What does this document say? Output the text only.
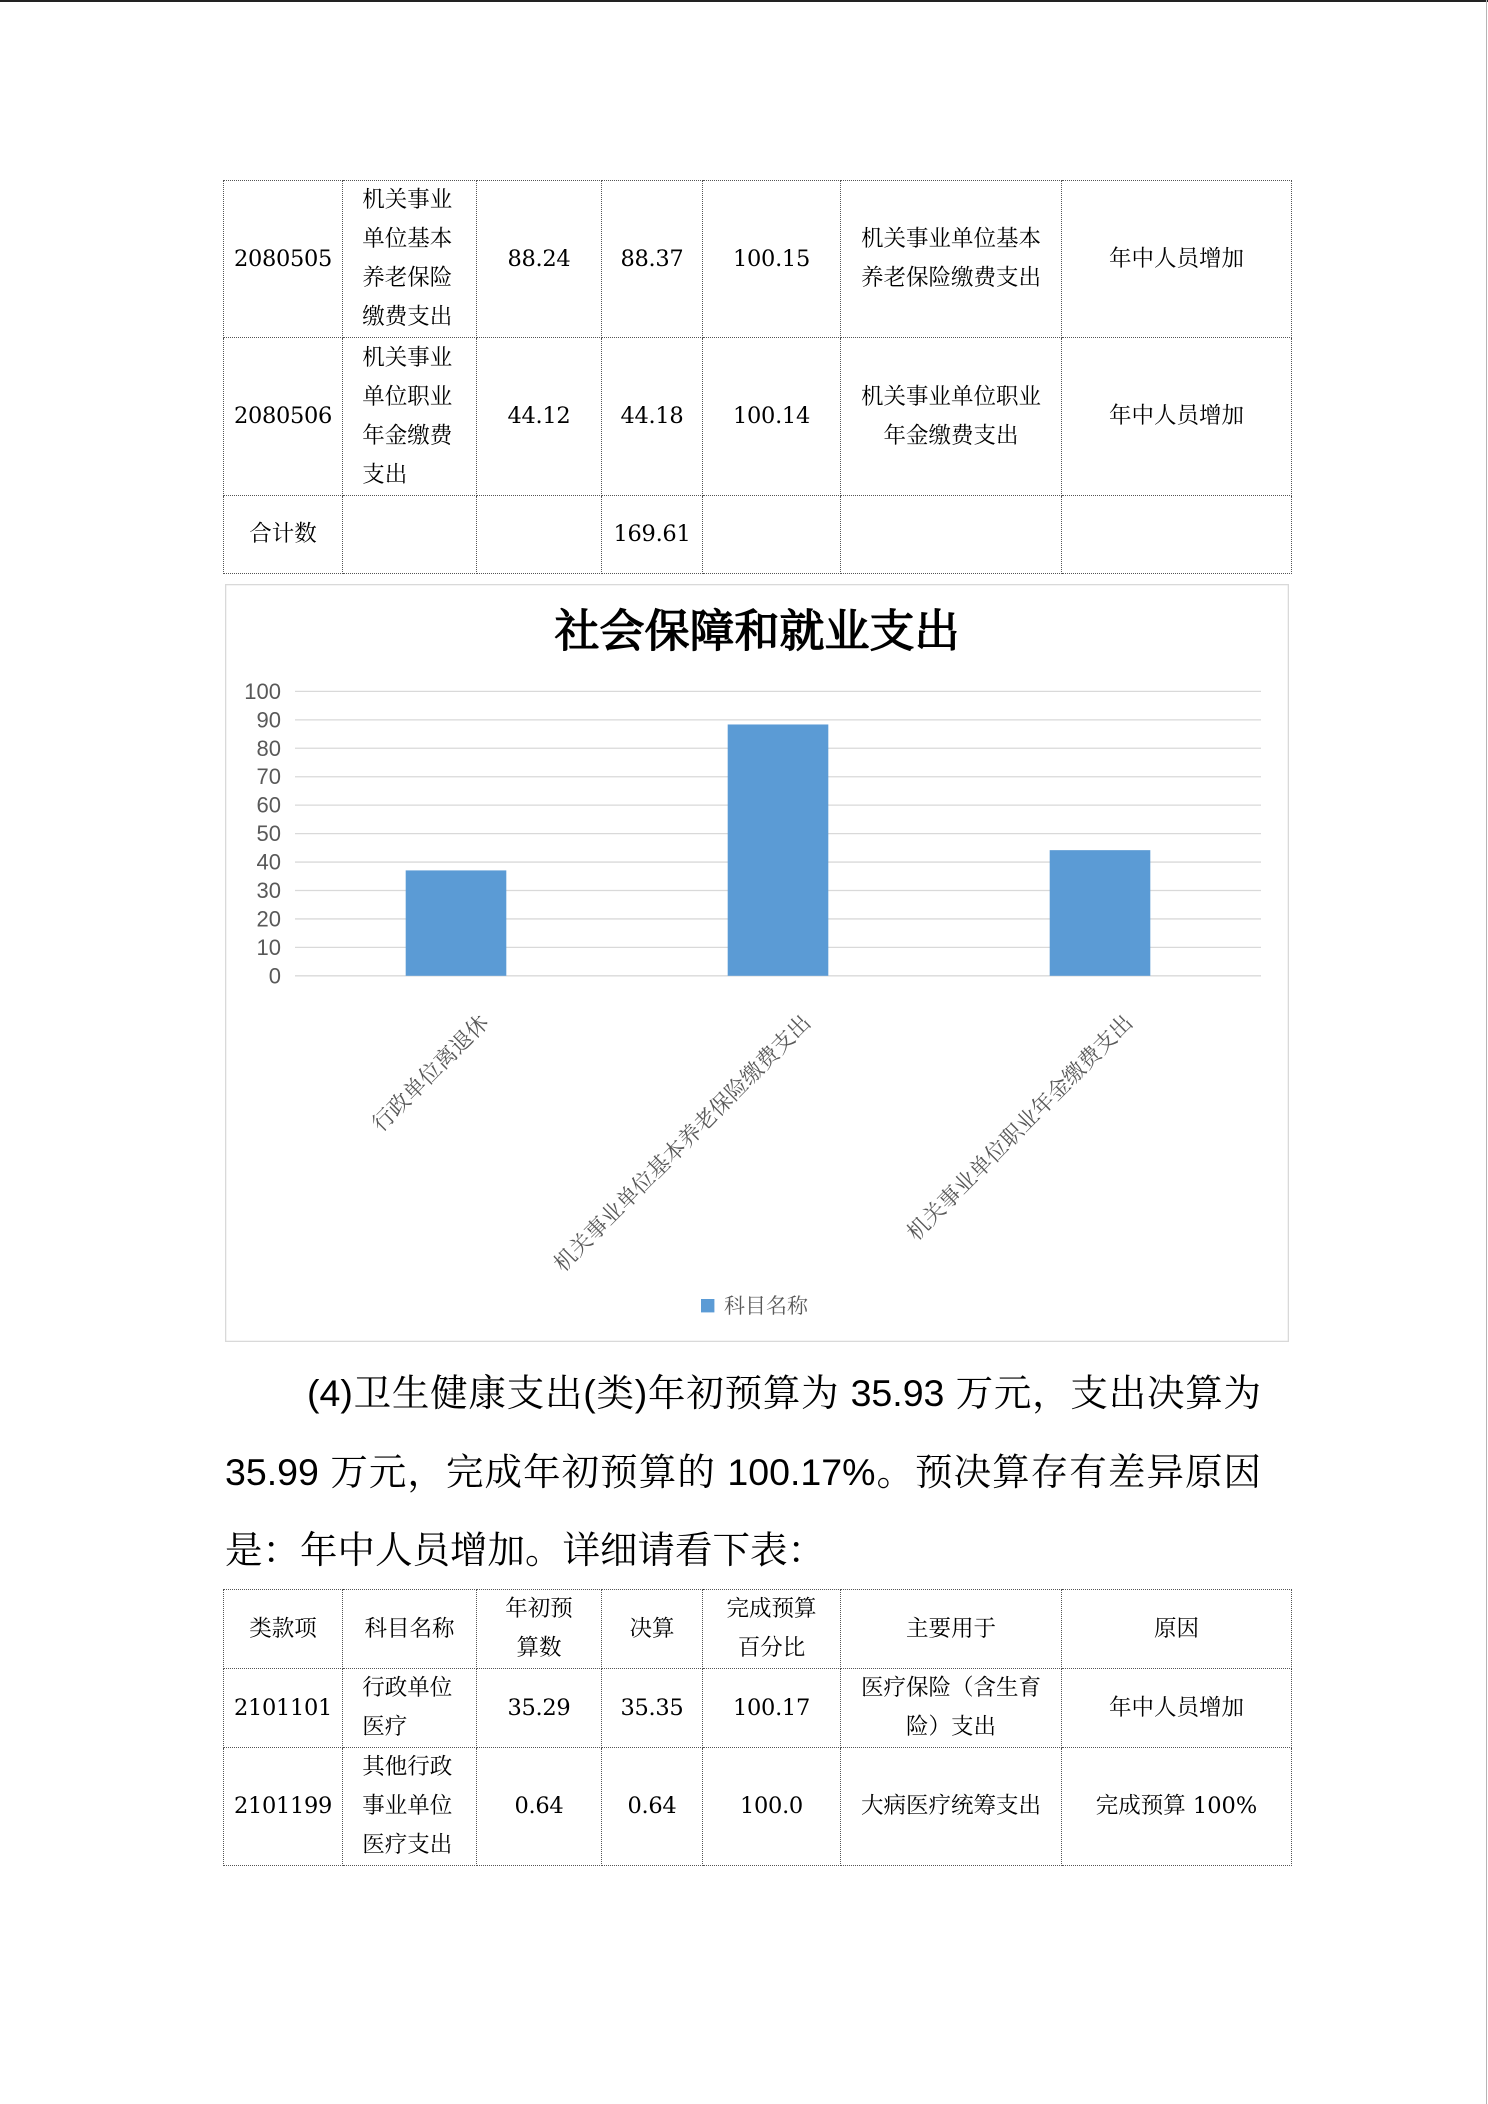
2080505	机关事业单位基本养老保险缴费支出	88.24	88.37	100.15	机关事业单位基本养老保险缴费支出	年中人员增加
2080506	机关事业单位职业年金缴费支出	44.12	44.18	100.14	机关事业单位职业年金缴费支出	年中人员增加
合计数			169.61			
社会保障和就业支出
0
10
20
30
40
50
60
70
80
90
100
行政单位离退休	机关事业单位基本养老保险缴费支出	机关事业单位职业年金缴费支出
科目名称
(4)卫生健康支出(类)年初预算为 35.93 万元，支出决算为
35.99 万元，完成年初预算的 100.17%。预决算存有差异原因
是：年中人员增加。详细请看下表：
类款项	科目名称	年初预算数	决算	完成预算百分比	主要用于	原因
2101101	行政单位医疗	35.29	35.35	100.17	医疗保险（含生育险）支出	年中人员增加
2101199	其他行政事业单位医疗支出	0.64	0.64	100.0	大病医疗统筹支出	完成预算 100%
